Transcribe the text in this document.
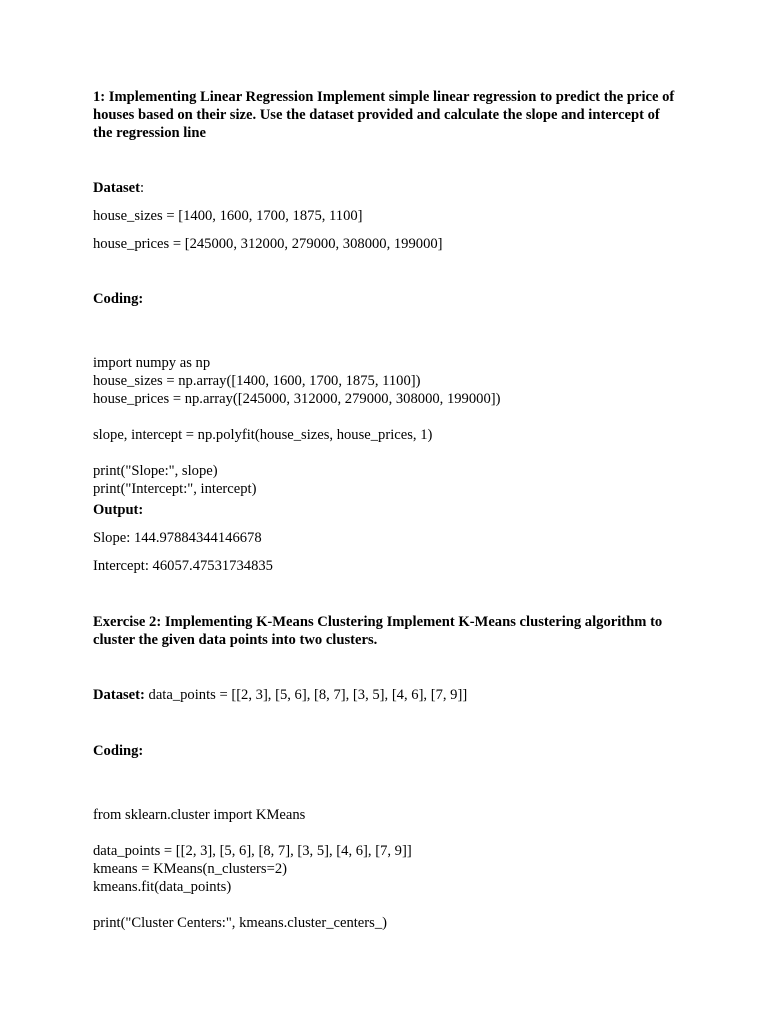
1: Implementing Linear Regression Implement simple linear regression to predict the price of houses based on their size. Use the dataset provided and calculate the slope and intercept of the regression line
Dataset:
house_sizes = [1400, 1600, 1700, 1875, 1100]
house_prices = [245000, 312000, 279000, 308000, 199000]
Coding:

import numpy as np
house_sizes = np.array([1400, 1600, 1700, 1875, 1100])
house_prices = np.array([245000, 312000, 279000, 308000, 199000])
slope, intercept = np.polyfit(house_sizes, house_prices, 1)
print("Slope:", slope)
print("Intercept:", intercept)

Output:
Slope: 144.97884344146678
Intercept: 46057.47531734835
Exercise 2: Implementing K-Means Clustering Implement K-Means clustering algorithm to cluster the given data points into two clusters.
Dataset: data_points = [[2, 3], [5, 6], [8, 7], [3, 5], [4, 6], [7, 9]]
Coding:

from sklearn.cluster import KMeans
data_points = [[2, 3], [5, 6], [8, 7], [3, 5], [4, 6], [7, 9]]
kmeans = KMeans(n_clusters=2)
kmeans.fit(data_points)
print("Cluster Centers:", kmeans.cluster_centers_)
